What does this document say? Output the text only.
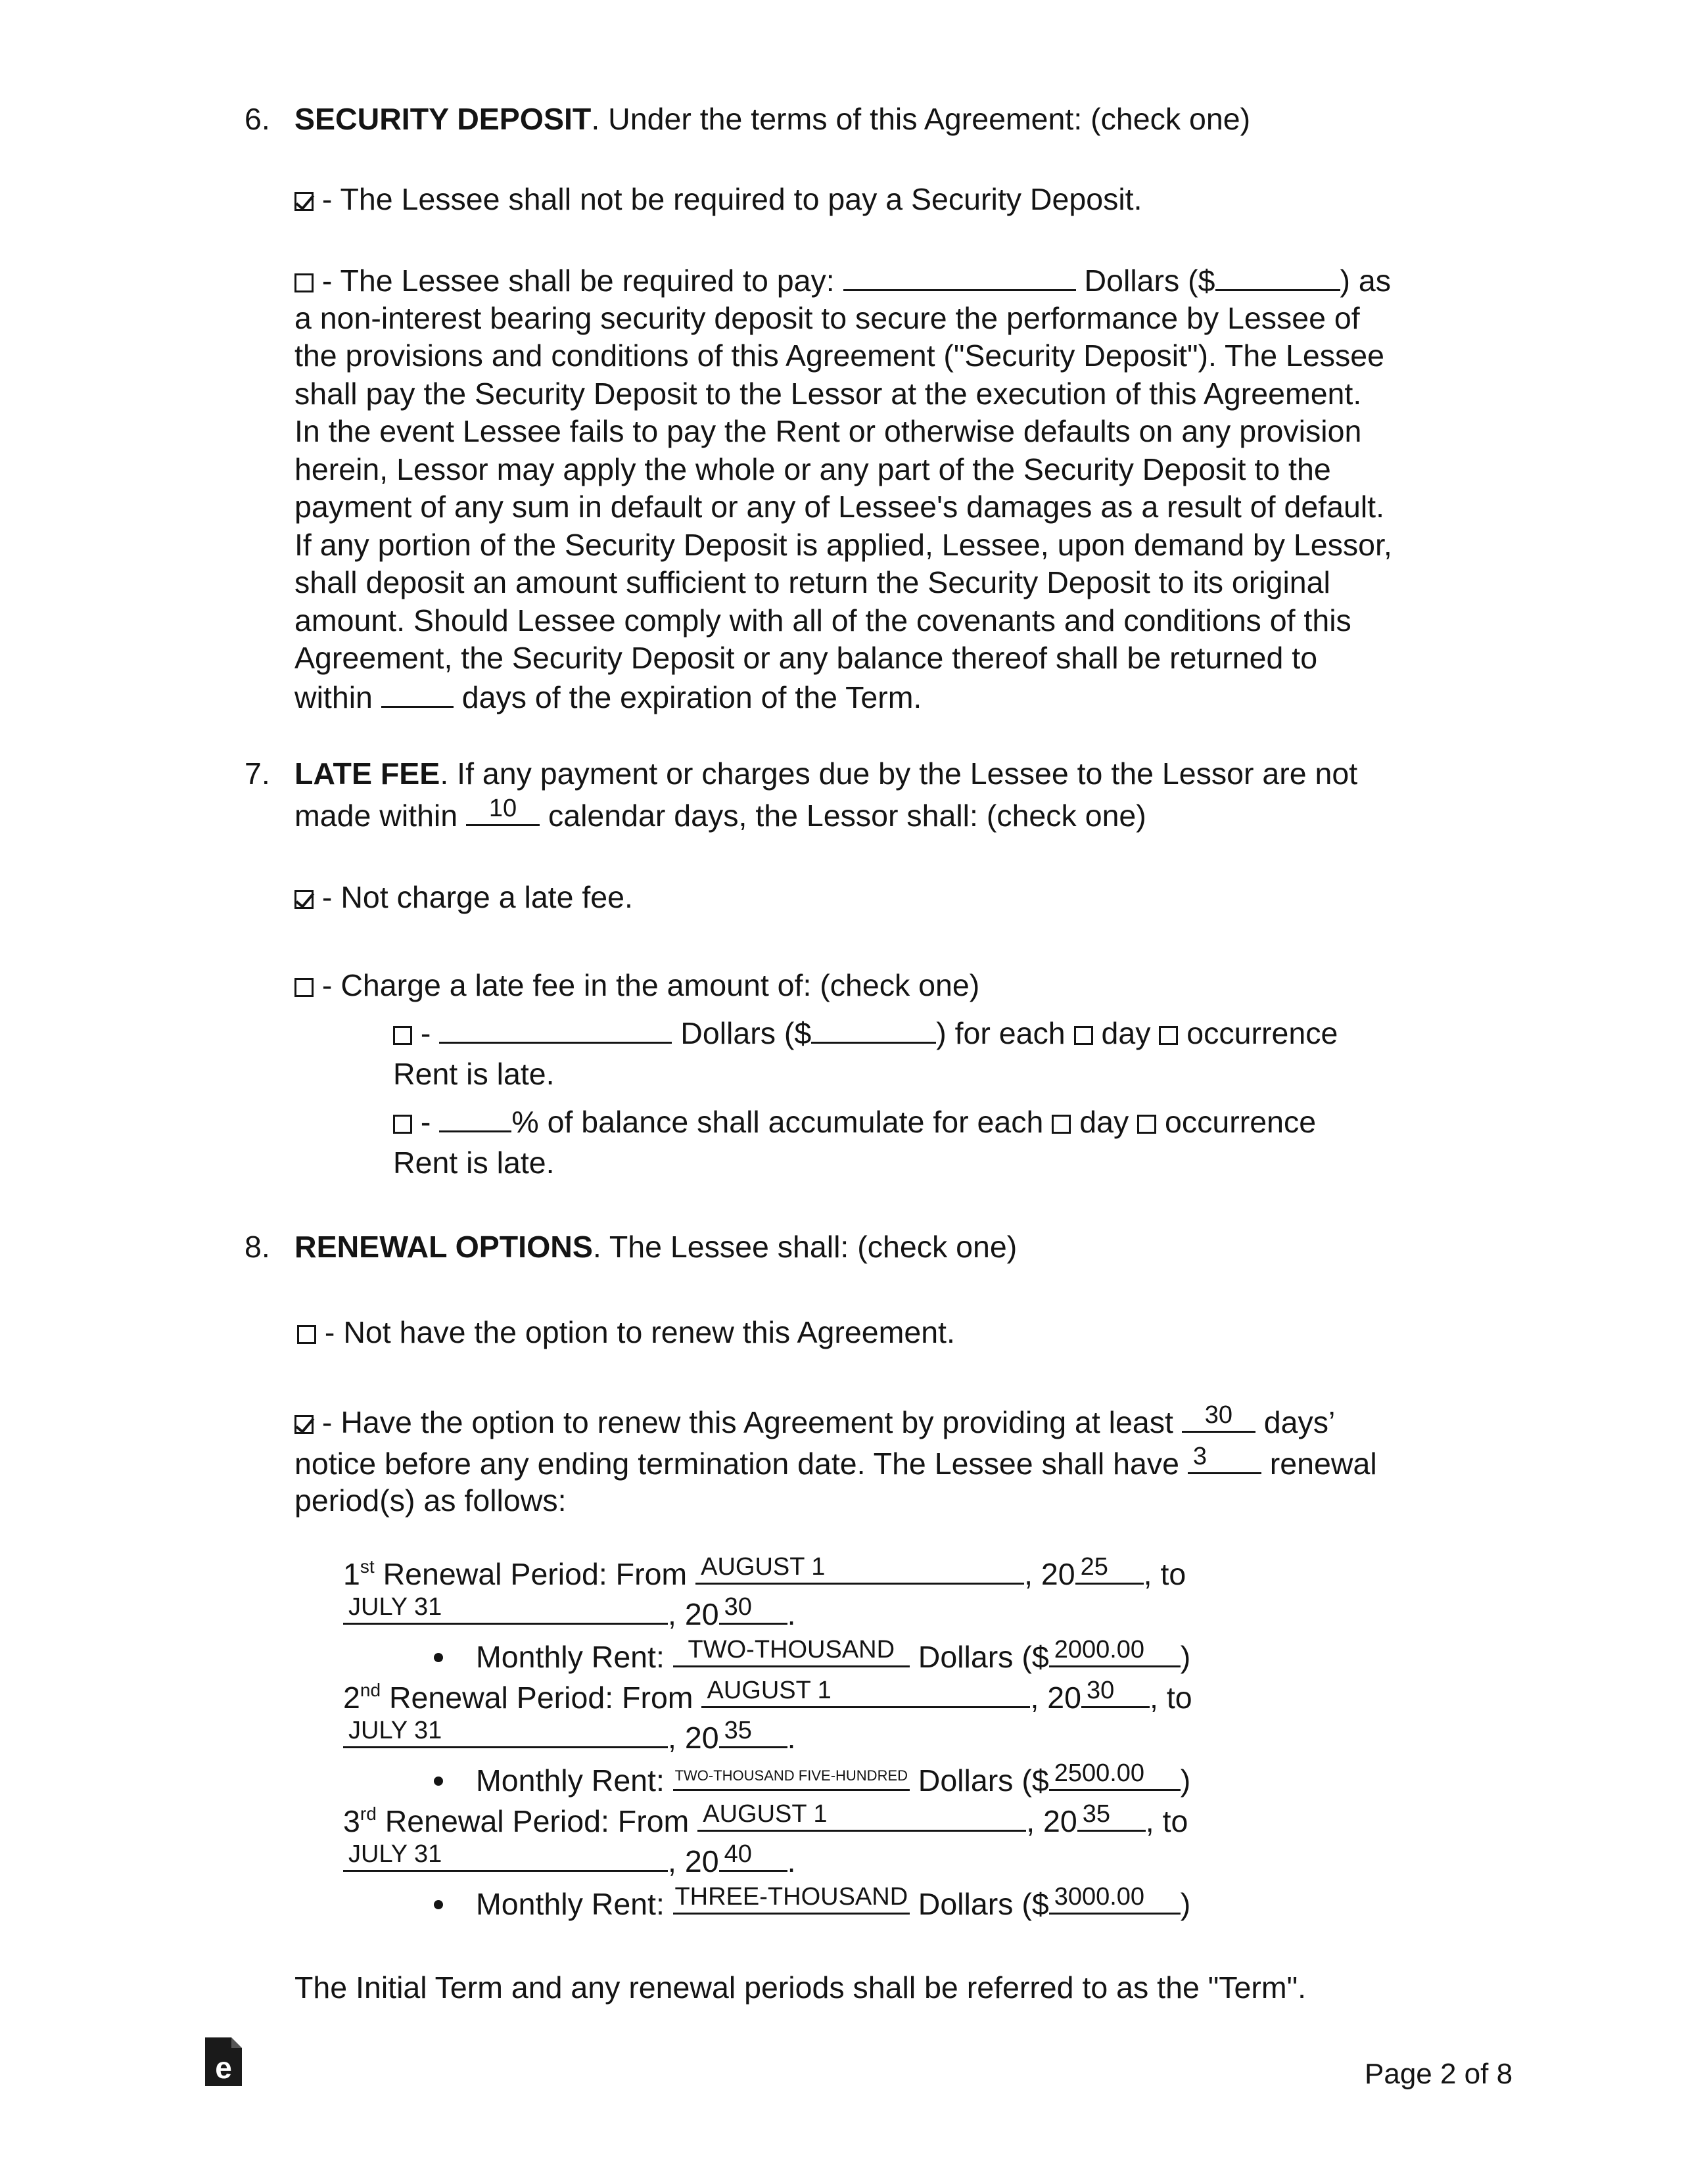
6. SECURITY DEPOSIT. Under the terms of this Agreement: (check one)
- The Lessee shall not be required to pay a Security Deposit.
- The Lessee shall be required to pay:	Dollars ($	) as
a non-interest bearing security deposit to secure the performance by Lessee of
the provisions and conditions of this Agreement ("Security Deposit"). The Lessee
shall pay the Security Deposit to the Lessor at the execution of this Agreement.
In the event Lessee fails to pay the Rent or otherwise defaults on any provision
herein, Lessor may apply the whole or any part of the Security Deposit to the
payment of any sum in default or any of Lessee's damages as a result of default.
If any portion of the Security Deposit is applied, Lessee, upon demand by Lessor,
shall deposit an amount sufficient to return the Security Deposit to its original
amount. Should Lessee comply with all of the covenants and conditions of this
Agreement, the Security Deposit or any balance thereof shall be returned to
within  days of the expiration of the Term.
7. LATE FEE. If any payment or charges due by the Lessee to the Lessor are not
made within 10 calendar days, the Lessor shall: (check one)
- Not charge a late fee.
- Charge a late fee in the amount of: (check one)
-	Dollars ($	) for each  day  occurrence
Rent is late.
- % of balance shall accumulate for each  day  occurrence
Rent is late.
8. RENEWAL OPTIONS. The Lessee shall: (check one)
- Not have the option to renew this Agreement.
- Have the option to renew this Agreement by providing at least 30 days’
notice before any ending termination date. The Lessee shall have 3	renewal
period(s) as follows:
1st Renewal Period: From AUGUST 1	, 20 25	, to
JULY 31	, 20 30	.
Monthly Rent: TWO-THOUSAND Dollars ($ 2000.00	)
2nd Renewal Period: From AUGUST 1	, 20 30	, to
JULY 31	, 20 35	.
Monthly Rent: TWO-THOUSAND FIVE-HUNDRED Dollars ($ 2500.00	)
3rd Renewal Period: From AUGUST 1	, 20 35	, to
JULY 31	, 20 40	.
Monthly Rent: THREE-THOUSAND Dollars ($ 3000.00	)
The Initial Term and any renewal periods shall be referred to as the "Term".
e	Page 2 of 8
